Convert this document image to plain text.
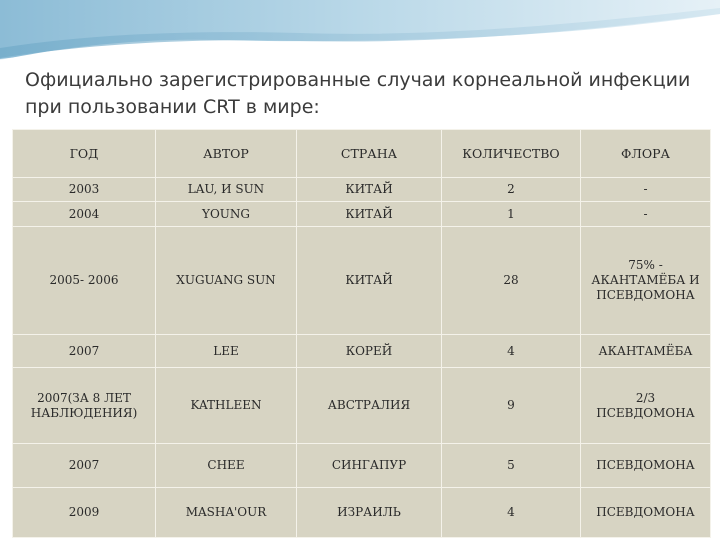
Официально зарегистрированные случаи корнеальной инфекции
при пользовании CRT в мире:
ГОД	АВТОР	СТРАНА	КОЛИЧЕСТВО	ФЛОРА
2003	LAU, И SUN	КИТАЙ	2	-
2004	YOUNG	КИТАЙ	1	-
2005- 2006	XUGUANG SUN	КИТАЙ	28	75% - АКАНТАМЁБА И ПСЕВДОМОНА
2007	LEE	КОРЕЙ	4	АКАНТАМЁБА
2007(ЗА 8 ЛЕТ НАБЛЮДЕНИЯ)	KATHLEEN	АВСТРАЛИЯ	9	2/3 ПСЕВДОМОНА
2007	CHEE	СИНГАПУР	5	ПСЕВДОМОНА
2009	MASHA'OUR	ИЗРАИЛЬ	4	ПСЕВДОМОНА
